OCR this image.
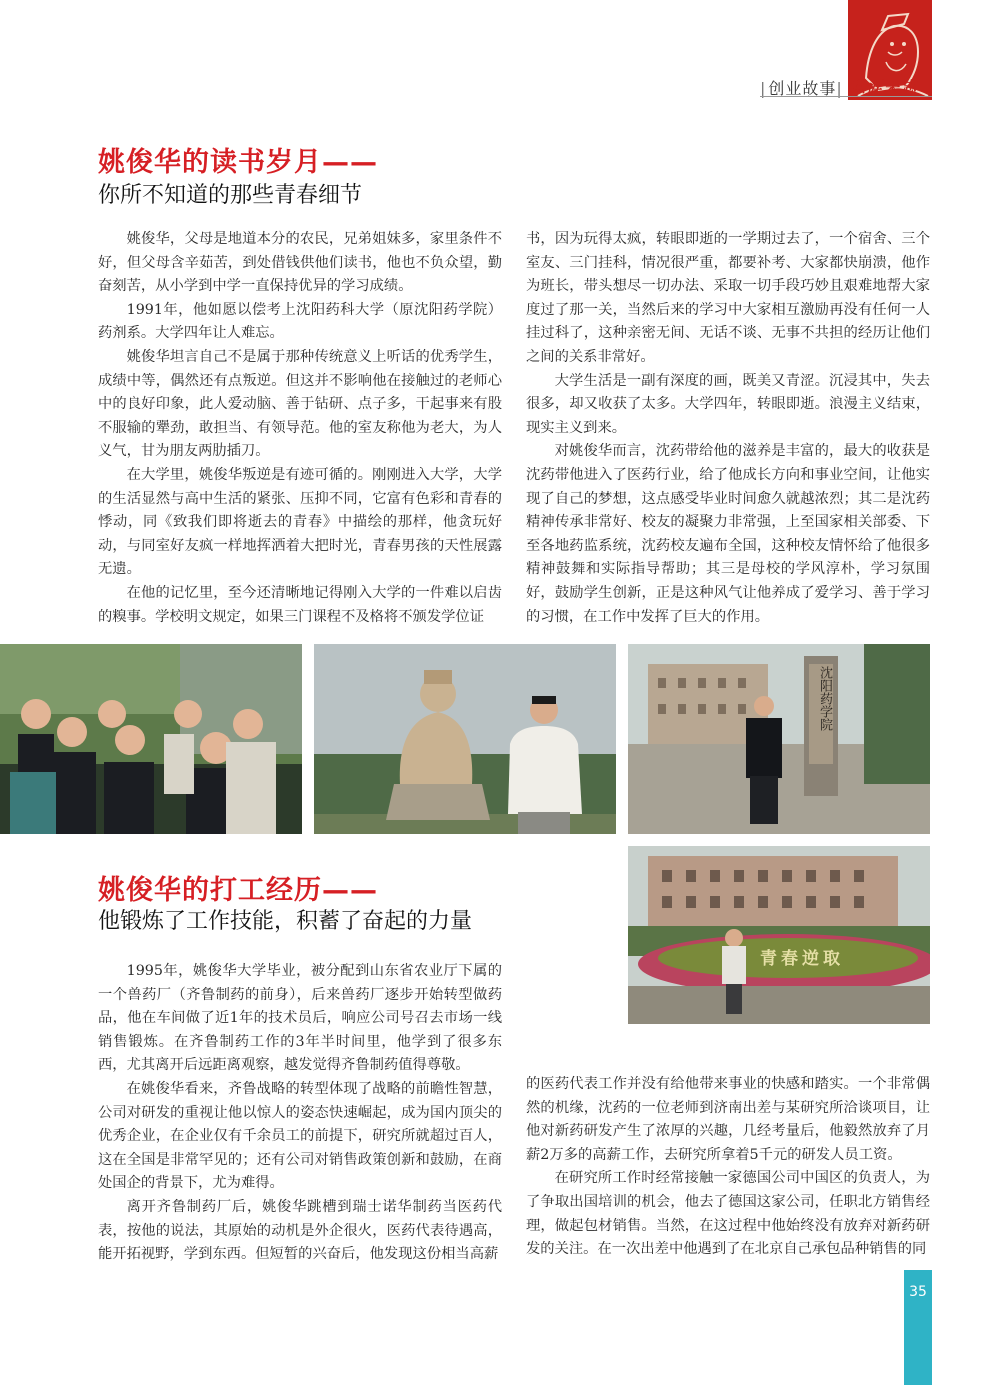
| 创业故事| 燕涯采志
姚俊华的读书岁月——
你所不知道的那些青春细节

姚俊华，父母是地道本分的农民，兄弟姐妹多，家里条件不好，但父母含辛茹苦，到处借钱供他们读书，他也不负众望，勤奋刻苦，从小学到中学一直保持优异的学习成绩。

1991年，他如愿以偿考上沈阳药科大学（原沈阳药学院）药剂系。大学四年让人难忘。

姚俊华坦言自己不是属于那种传统意义上听话的优秀学生，成绩中等，偶然还有点叛逆。但这并不影响他在接触过的老师心中的良好印象，此人爱动脑、善于钻研、点子多，干起事来有股不服输的犟劲，敢担当、有领导范。他的室友称他为老大，为人义气，甘为朋友两肋插刀。

在大学里，姚俊华叛逆是有迹可循的。刚刚进入大学，大学的生活显然与高中生活的紧张、压抑不同，它富有色彩和青春的悸动，同《致我们即将逝去的青春》中描绘的那样，他贪玩好动，与同室好友疯一样地挥洒着大把时光，青春男孩的天性展露无遗。

在他的记忆里，至今还清晰地记得刚入大学的一件难以启齿的糗事。学校明文规定，如果三门课程不及格将不颁发学位证

书，因为玩得太疯，转眼即逝的一学期过去了，一个宿舍、三个室友、三门挂科，情况很严重，都要补考、大家都快崩溃，他作为班长，带头想尽一切办法、采取一切手段巧妙且艰难地帮大家度过了那一关，当然后来的学习中大家相互激励再没有任何一人挂过科了，这种亲密无间、无话不谈、无事不共担的经历让他们之间的关系非常好。

大学生活是一副有深度的画，既美又青涩。沉浸其中，失去很多，却又收获了太多。大学四年，转眼即逝。浪漫主义结束，现实主义到来。

对姚俊华而言，沈药带给他的滋养是丰富的，最大的收获是沈药带他进入了医药行业，给了他成长方向和事业空间，让他实现了自己的梦想，这点感受毕业时间愈久就越浓烈；其二是沈药精神传承非常好、校友的凝聚力非常强，上至国家相关部委、下至各地药监系统，沈药校友遍布全国，这种校友情怀给了他很多精神鼓舞和实际指导帮助；其三是母校的学风淳朴，学习氛围好，鼓励学生创新，正是这种风气让他养成了爱学习、善于学习的习惯，在工作中发挥了巨大的作用。

沈阳药学院
姚俊华的打工经历——
他锻炼了工作技能，积蓄了奋起的力量
青春逆取

1995年，姚俊华大学毕业，被分配到山东省农业厅下属的一个兽药厂（齐鲁制药的前身），后来兽药厂逐步开始转型做药品，他在车间做了近1年的技术员后，响应公司号召去市场一线销售锻炼。在齐鲁制药工作的3年半时间里，他学到了很多东西，尤其离开后远距离观察，越发觉得齐鲁制药值得尊敬。

在姚俊华看来，齐鲁战略的转型体现了战略的前瞻性智慧，公司对研发的重视让他以惊人的姿态快速崛起，成为国内顶尖的优秀企业，在企业仅有千余员工的前提下，研究所就超过百人，这在全国是非常罕见的；还有公司对销售政策创新和鼓励，在商处国企的背景下，尤为难得。

离开齐鲁制药厂后，姚俊华跳槽到瑞士诺华制药当医药代表，按他的说法，其原始的动机是外企很火，医药代表待遇高，能开拓视野，学到东西。但短暂的兴奋后，他发现这份相当高薪

的医药代表工作并没有给他带来事业的快感和踏实。一个非常偶然的机缘，沈药的一位老师到济南出差与某研究所洽谈项目，让他对新药研发产生了浓厚的兴趣，几经考量后，他毅然放弃了月薪2万多的高薪工作，去研究所拿着5千元的研发人员工资。

在研究所工作时经常接触一家德国公司中国区的负责人，为了争取出国培训的机会，他去了德国这家公司，任职北方销售经理，做起包材销售。当然，在这过程中他始终没有放弃对新药研发的关注。在一次出差中他遇到了在北京自己承包品种销售的同

35
